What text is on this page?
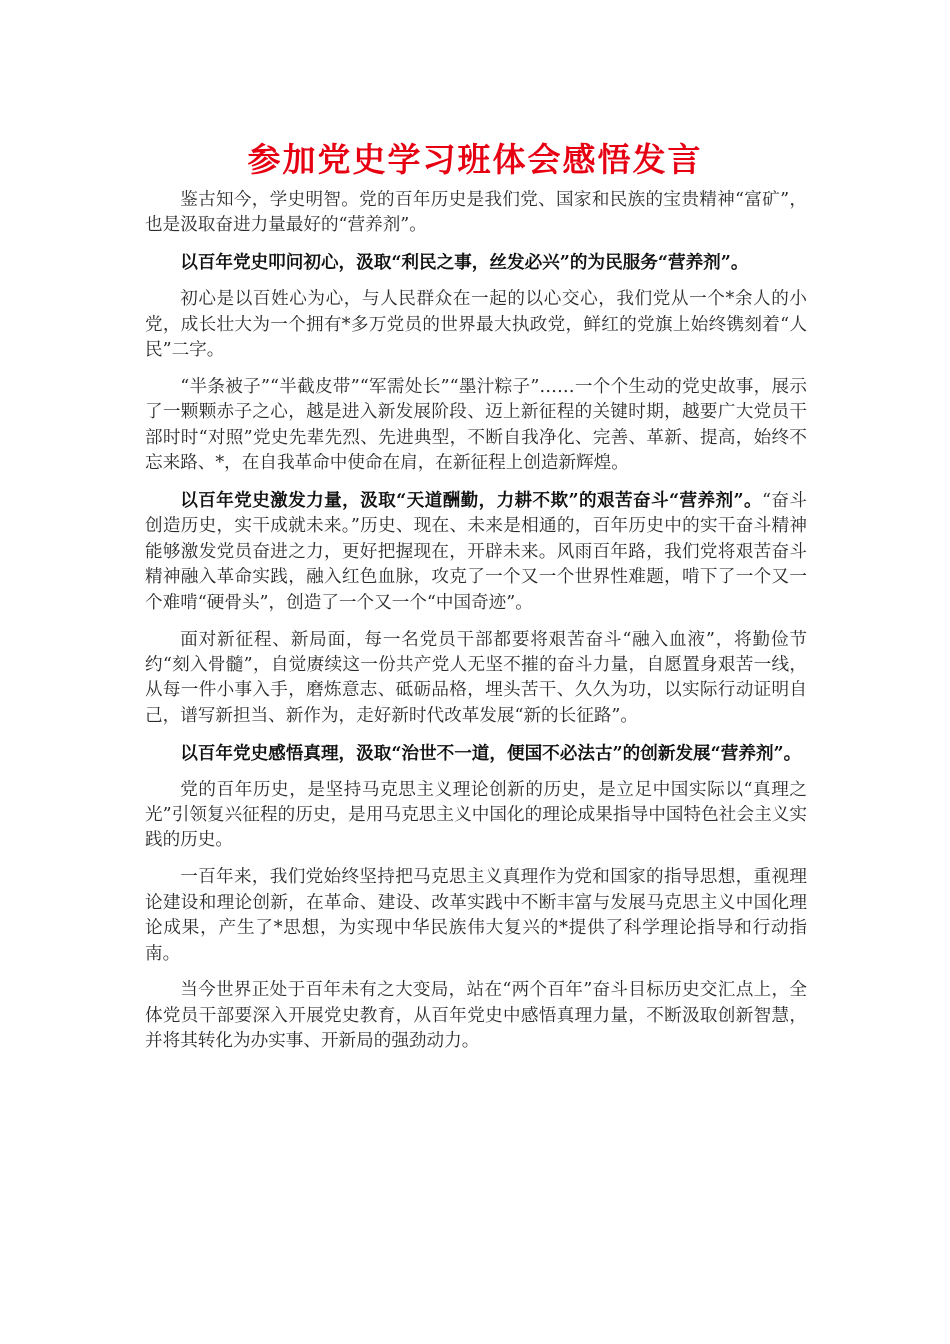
参加党史学习班体会感悟发言

鉴古知今，学史明智。党的百年历史是我们党、国家和民族的宝贵精神“富矿”，也是汲取奋进力量最好的“营养剂”。

以百年党史叩问初心，汲取“利民之事，丝发必兴”的为民服务“营养剂”。

初心是以百姓心为心，与人民群众在一起的以心交心，我们党从一个*余人的小党，成长壮大为一个拥有*多万党员的世界最大执政党，鲜红的党旗上始终镌刻着“人民”二字。

“半条被子”“半截皮带”“军需处长”“墨汁粽子”……一个个生动的党史故事，展示了一颗颗赤子之心，越是进入新发展阶段、迈上新征程的关键时期，越要广大党员干部时时“对照”党史先辈先烈、先进典型，不断自我净化、完善、革新、提高，始终不忘来路、*，在自我革命中使命在肩，在新征程上创造新辉煌。

以百年党史激发力量，汲取“天道酬勤，力耕不欺”的艰苦奋斗“营养剂”。“奋斗创造历史，实干成就未来。”历史、现在、未来是相通的，百年历史中的实干奋斗精神能够激发党员奋进之力，更好把握现在，开辟未来。风雨百年路，我们党将艰苦奋斗精神融入革命实践，融入红色血脉，攻克了一个又一个世界性难题，啃下了一个又一个难啃“硬骨头”，创造了一个又一个“中国奇迹”。

面对新征程、新局面，每一名党员干部都要将艰苦奋斗“融入血液”，将勤俭节约“刻入骨髓”，自觉赓续这一份共产党人无坚不摧的奋斗力量，自愿置身艰苦一线，从每一件小事入手，磨炼意志、砥砺品格，埋头苦干、久久为功，以实际行动证明自己，谱写新担当、新作为，走好新时代改革发展“新的长征路”。

以百年党史感悟真理，汲取“治世不一道，便国不必法古”的创新发展“营养剂”。

党的百年历史，是坚持马克思主义理论创新的历史，是立足中国实际以“真理之光”引领复兴征程的历史，是用马克思主义中国化的理论成果指导中国特色社会主义实践的历史。

一百年来，我们党始终坚持把马克思主义真理作为党和国家的指导思想，重视理论建设和理论创新，在革命、建设、改革实践中不断丰富与发展马克思主义中国化理论成果，产生了*思想，为实现中华民族伟大复兴的*提供了科学理论指导和行动指南。

当今世界正处于百年未有之大变局，站在“两个百年”奋斗目标历史交汇点上，全体党员干部要深入开展党史教育，从百年党史中感悟真理力量，不断汲取创新智慧，并将其转化为办实事、开新局的强劲动力。
